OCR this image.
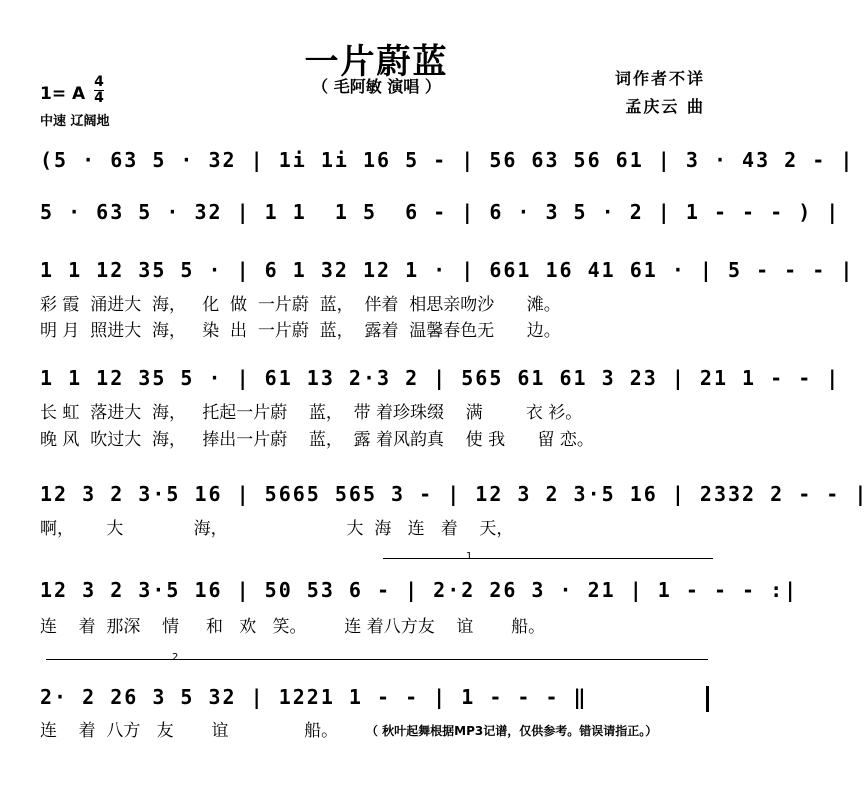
一片蔚蓝
（ 毛阿敏 演唱 ）	词作者不详
孟庆云 曲
1= A
4
4
中速 辽阔地
(5 · 63 5 · 32 | 1i 1i 16 5 - | 56 63 56 61 | 3 · 43 2 - |
5 · 63 5 · 32 | 1 1  1 5  6 - | 6 · 3 5 · 2 | 1 - - - ) |
1 1 12 35 5 · | 6 1 32 12 1 · | 661 16 41 61 · | 5 - - - |
彩 霞  涌进大  海，   化  做  一片蔚  蓝，  伴着  相思亲吻沙      滩。
明 月  照进大  海，   染  出  一片蔚  蓝，  露着  温馨春色无      边。
1 1 12 35 5 · | 61 13 2·3 2 | 565 61 61 3 23 | 21 1 - - |
长 虹  落进大  海，   托起一片蔚    蓝，  带 着珍珠缀    满        衣 衫。
晚 风  吹过大  海，   捧出一片蔚    蓝，  露 着风韵真    使 我      留 恋。
12 3 2 3·5 16 | 5665 565 3 - | 12 3 2 3·5 16 | 2332 2 - - |
啊，      大             海，                      大  海   连   着    天，
1
12 3 2 3·5 16 | 50 53 6 - | 2·2 26 3 · 21 | 1 - - - :|
连    着  那深    情     和   欢   笑。       连 着八方友    谊       船。
2
2· 2 26 3 5 32 | 1221 1 - - | 1 - - - ‖
连    着  八方   友       谊              船。	（ 秋叶起舞根据MP3记谱，仅供参考。错误请指正。）
